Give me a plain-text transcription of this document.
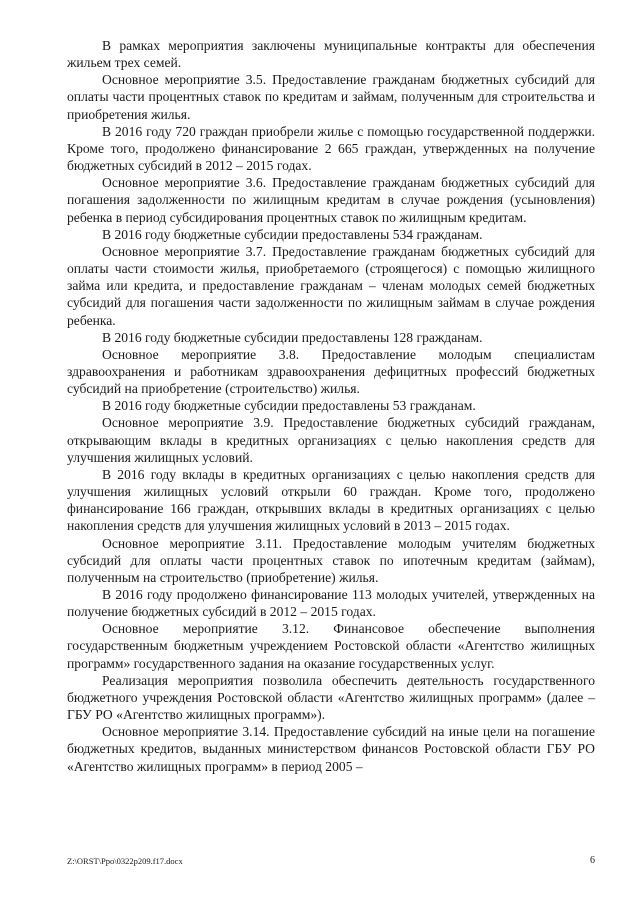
В рамках мероприятия заключены муниципальные контракты для обеспечения жильем трех семей.

Основное мероприятие 3.5. Предоставление гражданам бюджетных субсидий для оплаты части процентных ставок по кредитам и займам, полученным для строительства и приобретения жилья.

В 2016 году 720 граждан приобрели жилье с помощью государственной поддержки. Кроме того, продолжено финансирование 2 665 граждан, утвержденных на получение бюджетных субсидий в 2012 – 2015 годах.

Основное мероприятие 3.6. Предоставление гражданам бюджетных субсидий для погашения задолженности по жилищным кредитам в случае рождения (усыновления) ребенка в период субсидирования процентных ставок по жилищным кредитам.

В 2016 году бюджетные субсидии предоставлены 534 гражданам.

Основное мероприятие 3.7. Предоставление гражданам бюджетных субсидий для оплаты части стоимости жилья, приобретаемого (строящегося) с помощью жилищного займа или кредита, и предоставление гражданам – членам молодых семей бюджетных субсидий для погашения части задолженности по жилищным займам в случае рождения ребенка.

В 2016 году бюджетные субсидии предоставлены 128 гражданам.

Основное мероприятие 3.8. Предоставление молодым специалистам здравоохранения и работникам здравоохранения дефицитных профессий бюджетных субсидий на приобретение (строительство) жилья.

В 2016 году бюджетные субсидии предоставлены 53 гражданам.

Основное мероприятие 3.9. Предоставление бюджетных субсидий гражданам, открывающим вклады в кредитных организациях с целью накопления средств для улучшения жилищных условий.

В 2016 году вклады в кредитных организациях с целью накопления средств для улучшения жилищных условий открыли 60 граждан. Кроме того, продолжено финансирование 166 граждан, открывших вклады в кредитных организациях с целью накопления средств для улучшения жилищных условий в 2013 – 2015 годах.

Основное мероприятие 3.11. Предоставление молодым учителям бюджетных субсидий для оплаты части процентных ставок по ипотечным кредитам (займам), полученным на строительство (приобретение) жилья.

В 2016 году продолжено финансирование 113 молодых учителей, утвержденных на получение бюджетных субсидий в 2012 – 2015 годах.

Основное мероприятие 3.12. Финансовое обеспечение выполнения государственным бюджетным учреждением Ростовской области «Агентство жилищных программ» государственного задания на оказание государственных услуг.

Реализация мероприятия позволила обеспечить деятельность государственного бюджетного учреждения Ростовской области «Агентство жилищных программ» (далее – ГБУ РО «Агентство жилищных программ»).

Основное мероприятие 3.14. Предоставление субсидий на иные цели на погашение бюджетных кредитов, выданных министерством финансов Ростовской области ГБУ РО «Агентство жилищных программ» в период 2005 –

Z:\ORST\Ppo\0322p209.f17.docx	6
